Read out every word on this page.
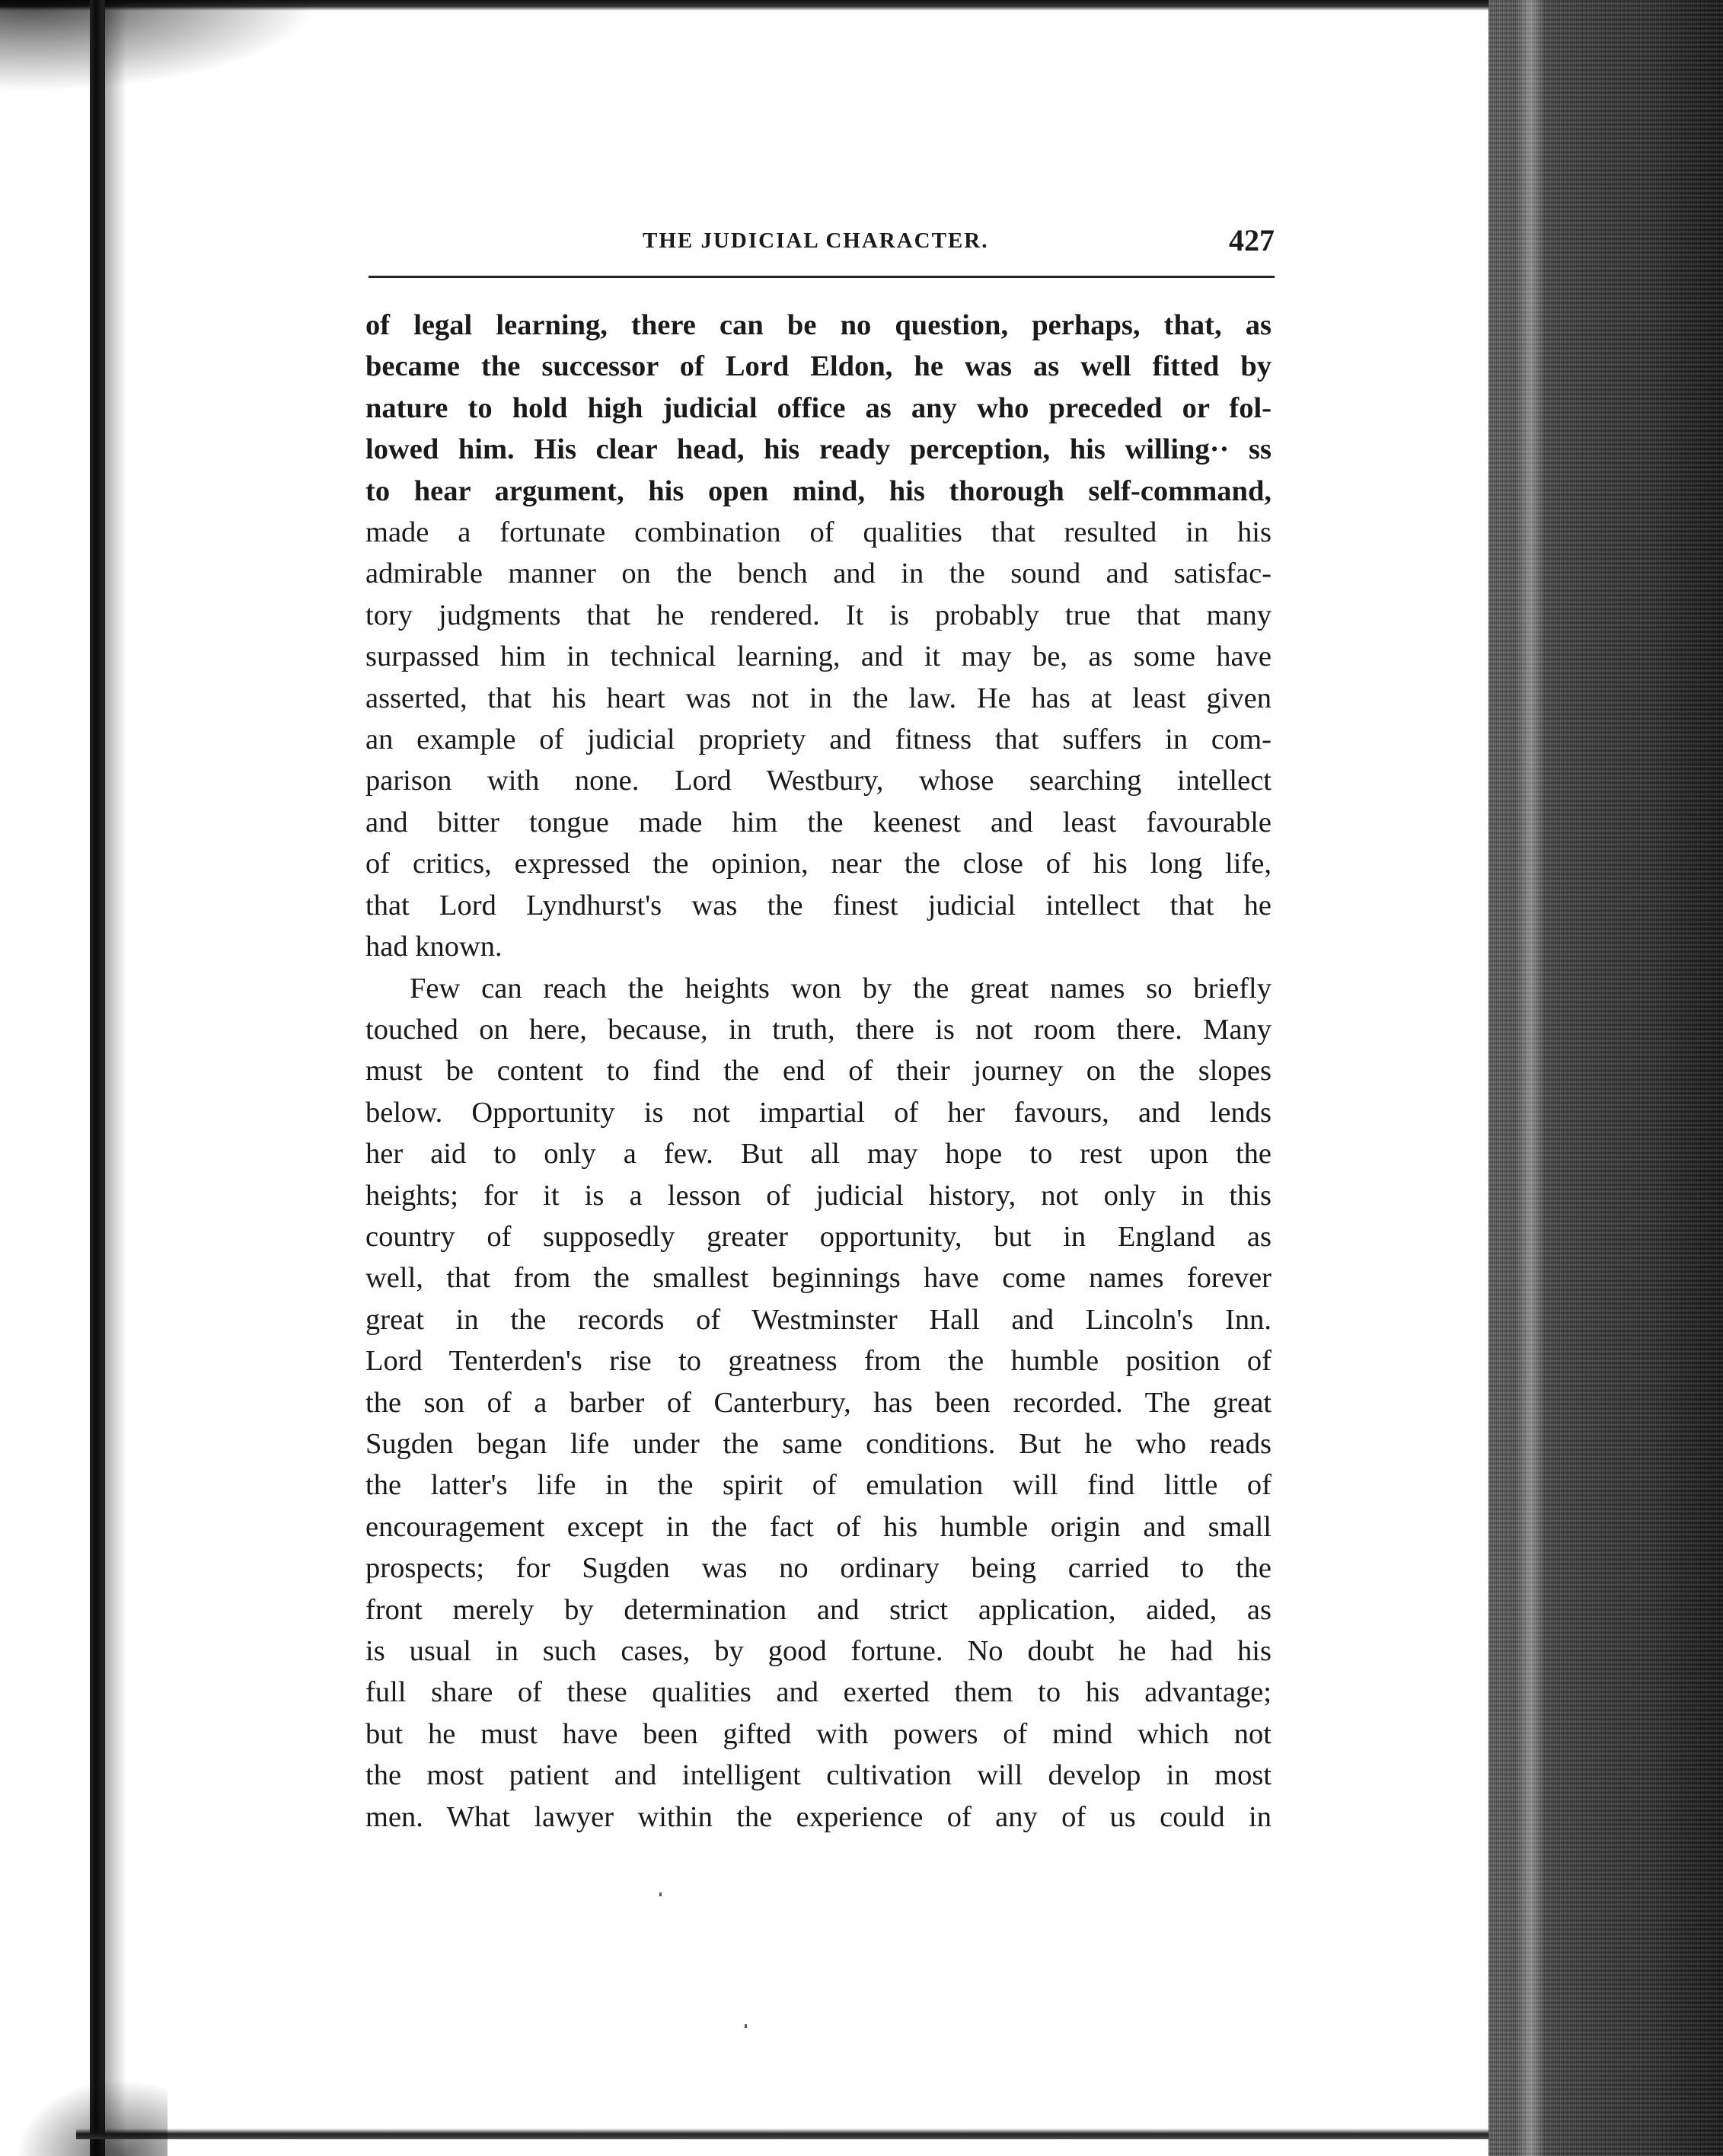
THE JUDICIAL CHARACTER.	427
of legal learning, there can be no question, perhaps, that, as
became the successor of Lord Eldon, he was as well fitted by
nature to hold high judicial office as any who preceded or fol-
lowed him. His clear head, his ready perception, his willing·· ss
to hear argument, his open mind, his thorough self-command,
made a fortunate combination of qualities that resulted in his
admirable manner on the bench and in the sound and satisfac-
tory judgments that he rendered. It is probably true that many
surpassed him in technical learning, and it may be, as some have
asserted, that his heart was not in the law. He has at least given
an example of judicial propriety and fitness that suffers in com-
parison with none. Lord Westbury, whose searching intellect
and bitter tongue made him the keenest and least favourable
of critics, expressed the opinion, near the close of his long life,
that Lord Lyndhurst's was the finest judicial intellect that he
had known.
Few can reach the heights won by the great names so briefly
touched on here, because, in truth, there is not room there. Many
must be content to find the end of their journey on the slopes
below. Opportunity is not impartial of her favours, and lends
her aid to only a few. But all may hope to rest upon the
heights; for it is a lesson of judicial history, not only in this
country of supposedly greater opportunity, but in England as
well, that from the smallest beginnings have come names forever
great in the records of Westminster Hall and Lincoln's Inn.
Lord Tenterden's rise to greatness from the humble position of
the son of a barber of Canterbury, has been recorded. The great
Sugden began life under the same conditions. But he who reads
the latter's life in the spirit of emulation will find little of
encouragement except in the fact of his humble origin and small
prospects; for Sugden was no ordinary being carried to the
front merely by determination and strict application, aided, as
is usual in such cases, by good fortune. No doubt he had his
full share of these qualities and exerted them to his advantage;
but he must have been gifted with powers of mind which not
the most patient and intelligent cultivation will develop in most
men. What lawyer within the experience of any of us could in
